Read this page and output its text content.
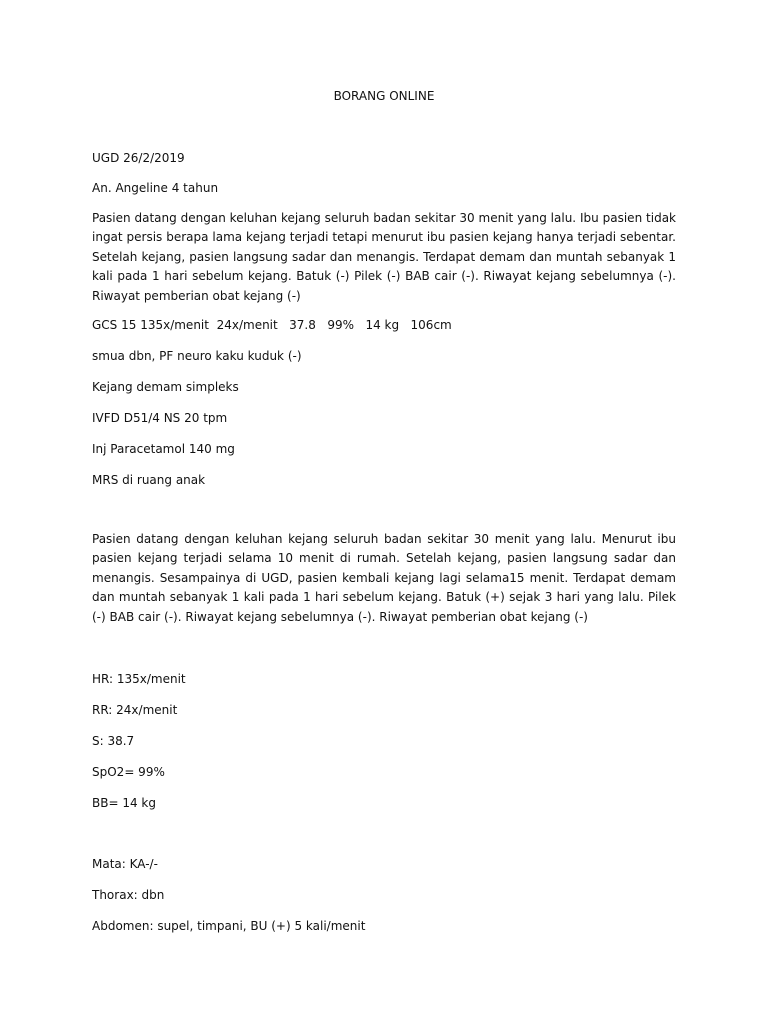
BORANG ONLINE
UGD 26/2/2019
An. Angeline 4 tahun
Pasien datang dengan keluhan kejang seluruh badan sekitar 30 menit yang lalu. Ibu pasien tidak ingat persis berapa lama kejang terjadi tetapi menurut ibu pasien kejang hanya terjadi sebentar. Setelah kejang, pasien langsung sadar dan menangis. Terdapat demam dan muntah sebanyak 1 kali pada 1 hari sebelum kejang. Batuk (-) Pilek (-) BAB cair (-). Riwayat kejang sebelumnya (-). Riwayat pemberian obat kejang (-)
GCS 15 135x/menit  24x/menit   37.8   99%   14 kg   106cm
smua dbn, PF neuro kaku kuduk (-)
Kejang demam simpleks
IVFD D51/4 NS 20 tpm
Inj Paracetamol 140 mg
MRS di ruang anak
Pasien datang dengan keluhan kejang seluruh badan sekitar 30 menit yang lalu. Menurut ibu pasien kejang terjadi selama 10 menit di rumah. Setelah kejang, pasien langsung sadar dan menangis. Sesampainya di UGD, pasien kembali kejang lagi selama15 menit. Terdapat demam dan muntah sebanyak 1 kali pada 1 hari sebelum kejang. Batuk (+) sejak 3 hari yang lalu. Pilek (-) BAB cair (-). Riwayat kejang sebelumnya (-). Riwayat pemberian obat kejang (-)
HR: 135x/menit
RR: 24x/menit
S: 38.7
SpO2= 99%
BB= 14 kg
Mata: KA-/-
Thorax: dbn
Abdomen: supel, timpani, BU (+) 5 kali/menit
